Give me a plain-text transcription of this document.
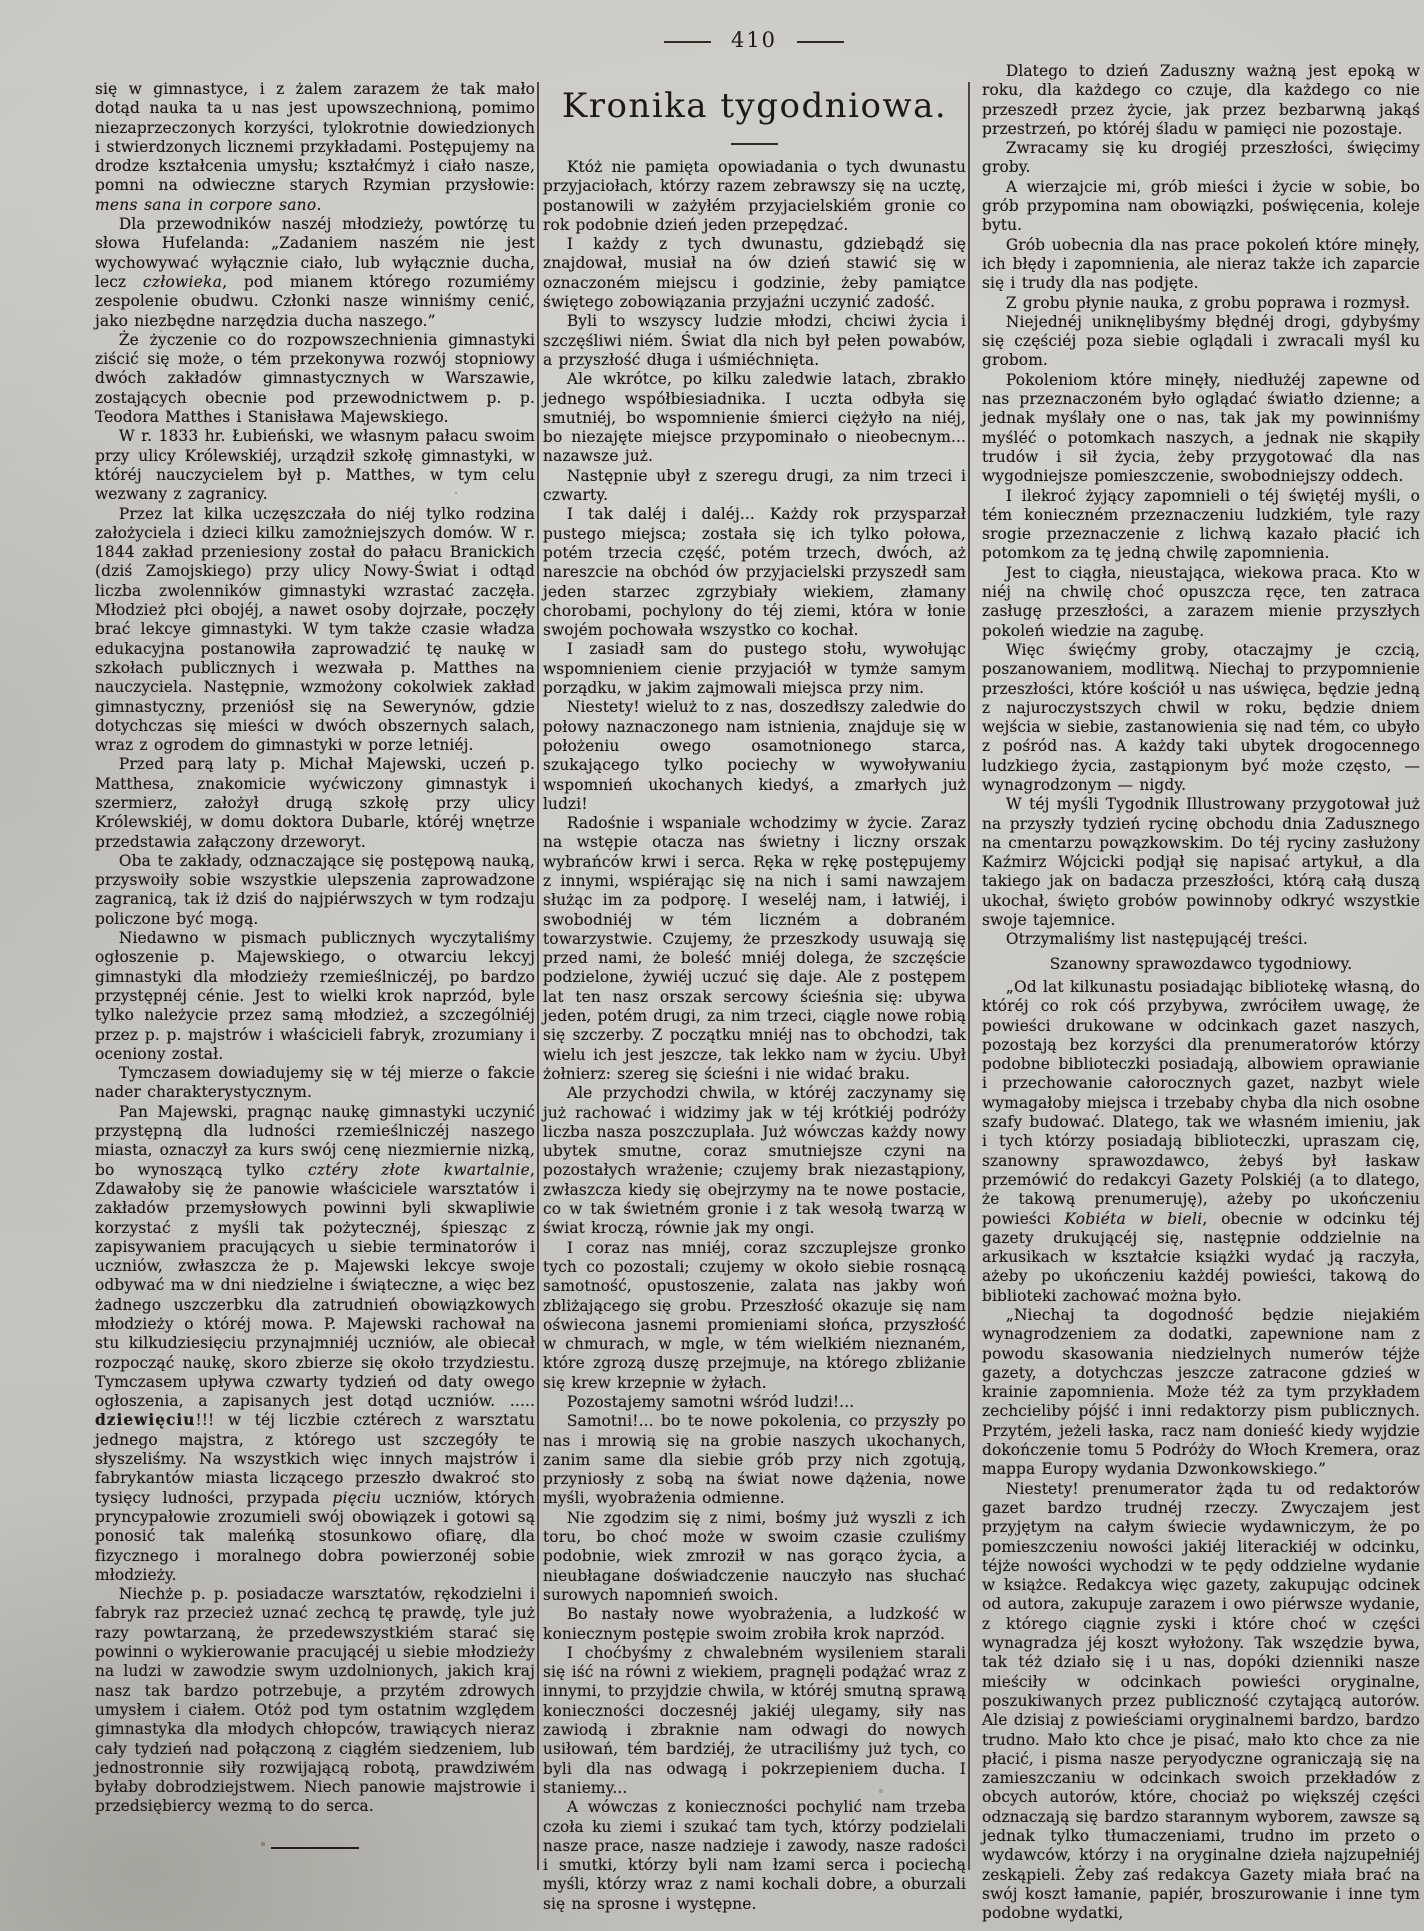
410

się w gimnastyce, i z żalem zarazem że tak mało dotąd nauka ta u nas jest upowszechnioną, pomimo niezaprzeczonych korzyści, tylokrotnie dowiedzionych i stwierdzonych licznemi przykładami. Postępujemy na drodze kształcenia umysłu; kształćmyż i ciało nasze, pomni na odwieczne starych Rzymian przysłowie: mens sana in corpore sano.

Dla przewodników naszéj młodzieży, powtórzę tu słowa Hufelanda: „Zadaniem naszém nie jest wychowywać wyłącznie ciało, lub wyłącznie ducha, lecz człowieka, pod mianem którego rozumiémy zespolenie obudwu. Członki nasze winniśmy cenić, jako niezbędne narzędzia ducha naszego.”

Że życzenie co do rozpowszechnienia gimnastyki ziścić się może, o tém przekonywa rozwój stopniowy dwóch zakładów gimnastycznych w Warszawie, zostających obecnie pod przewodnictwem p. p. Teodora Matthes i Stanisława Majewskiego.

W r. 1833 hr. Łubieński, we własnym pałacu swoim przy ulicy Królewskiéj, urządził szkołę gimnastyki, w któréj nauczycielem był p. Matthes, w tym celu wezwany z zagranicy.

Przez lat kilka uczęszczała do niéj tylko rodzina założyciela i dzieci kilku zamożniejszych domów. W r. 1844 zakład przeniesiony został do pałacu Branickich (dziś Zamojskiego) przy ulicy Nowy-Świat i odtąd liczba zwolenników gimnastyki wzrastać zaczęła. Młodzież płci obojéj, a nawet osoby dojrzałe, poczęły brać lekcye gimnastyki. W tym także czasie władza edukacyjna postanowiła zaprowadzić tę naukę w szkołach publicznych i wezwała p. Matthes na nauczyciela. Następnie, wzmożony cokolwiek zakład gimnastyczny, przeniósł się na Sewerynów, gdzie dotychczas się mieści w dwóch obszernych salach, wraz z ogrodem do gimnastyki w porze letniéj.

Przed parą laty p. Michał Majewski, uczeń p. Matthesa, znakomicie wyćwiczony gimnastyk i szermierz, założył drugą szkołę przy ulicy Królewskiéj, w domu doktora Dubarle, któréj wnętrze przedstawia załączony drzeworyt.

Oba te zakłady, odznaczające się postępową nauką, przyswoiły sobie wszystkie ulepszenia zaprowadzone zagranicą, tak iż dziś do najpiérwszych w tym rodzaju policzone być mogą.

Niedawno w pismach publicznych wyczytaliśmy ogłoszenie p. Majewskiego, o otwarciu lekcyj gimnastyki dla młodzieży rzemieślniczéj, po bardzo przystępnéj cénie. Jest to wielki krok naprzód, byle tylko należycie przez samą młodzież, a szczególniéj przez p. p. majstrów i właścicieli fabryk, zrozumiany i oceniony został.

Tymczasem dowiadujemy się w téj mierze o fakcie nader charakterystycznym.

Pan Majewski, pragnąc naukę gimnastyki uczynić przystępną dla ludności rzemieślniczéj naszego miasta, oznaczył za kurs swój cenę niezmiernie nizką, bo wynoszącą tylko cztéry złote kwartalnie, Zdawałoby się że panowie właściciele warsztatów i zakładów przemysłowych powinni byli skwapliwie korzystać z myśli tak pożytecznéj, śpiesząc z zapisywaniem pracujących u siebie terminatorów i uczniów, zwłaszcza że p. Majewski lekcye swoje odbywać ma w dni niedzielne i świąteczne, a więc bez żadnego uszczerbku dla zatrudnień obowiązkowych młodzieży o któréj mowa. P. Majewski rachował na stu kilkudziesięciu przynajmniéj uczniów, ale obiecał rozpocząć naukę, skoro zbierze się około trzydziestu. Tymczasem upływa czwarty tydzień od daty owego ogłoszenia, a zapisanych jest dotąd uczniów. ..... dziewięciu!!! w téj liczbie cztérech z warsztatu jednego majstra, z którego ust szczegóły te słyszeliśmy. Na wszystkich więc innych majstrów i fabrykantów miasta liczącego przeszło dwakroć sto tysięcy ludności, przypada pięciu uczniów, których pryncypałowie zrozumieli swój obowiązek i gotowi są ponosić tak maleńką stosunkowo ofiarę, dla fizycznego i moralnego dobra powierzonéj sobie młodzieży.

Niechże p. p. posiadacze warsztatów, rękodzielni i fabryk raz przecież uznać zechcą tę prawdę, tyle już razy powtarzaną, że przedewszystkiém starać się powinni o wykierowanie pracującéj u siebie młodzieży na ludzi w zawodzie swym uzdolnionych, jakich kraj nasz tak bardzo potrzebuje, a przytém zdrowych umysłem i ciałem. Otóż pod tym ostatnim względem gimnastyka dla młodych chłopców, trawiących nieraz cały tydzień nad połączoną z ciągłém siedzeniem, lub jednostronnie siły rozwijającą robotą, prawdziwém byłaby dobrodziejstwem. Niech panowie majstrowie i przedsiębiercy wezmą to do serca.

Kronika tygodniowa.

Któż nie pamięta opowiadania o tych dwunastu przyjaciołach, którzy razem zebrawszy się na ucztę, postanowili w zażyłém przyjacielskiém gronie co rok podobnie dzień jeden przepędzać.

I każdy z tych dwunastu, gdziebądź się znajdował, musiał na ów dzień stawić się w oznaczoném miejscu i godzinie, żeby pamiątce świętego zobowiązania przyjaźni uczynić zadość.

Byli to wszyscy ludzie młodzi, chciwi życia i szczęśliwi niém. Świat dla nich był pełen powabów, a przyszłość długa i uśmiéchnięta.

Ale wkrótce, po kilku zaledwie latach, zbrakło jednego współbiesiadnika. I uczta odbyła się smutniéj, bo wspomnienie śmierci ciężyło na niéj, bo niezajęte miejsce przypominało o nieobecnym... nazawsze już.

Następnie ubył z szeregu drugi, za nim trzeci i czwarty.

I tak daléj i daléj... Każdy rok przysparzał pustego miejsca; została się ich tylko połowa, potém trzecia część, potém trzech, dwóch, aż nareszcie na obchód ów przyjacielski przyszedł sam jeden starzec zgrzybiały wiekiem, złamany chorobami, pochylony do téj ziemi, która w łonie swojém pochowała wszystko co kochał.

I zasiadł sam do pustego stołu, wywołując wspomnieniem cienie przyjaciół w tymże samym porządku, w jakim zajmowali miejsca przy nim.

Niestety! wieluż to z nas, doszedłszy zaledwie do połowy naznaczonego nam istnienia, znajduje się w położeniu owego osamotnionego starca, szukającego tylko pociechy w wywoływaniu wspomnień ukochanych kiedyś, a zmarłych już ludzi!

Radośnie i wspaniale wchodzimy w życie. Zaraz na wstępie otacza nas świetny i liczny orszak wybrańców krwi i serca. Ręka w rękę postępujemy z innymi, wspiérając się na nich i sami nawzajem służąc im za podporę. I weseléj nam, i łatwiéj, i swobodniéj w tém liczném a dobraném towarzystwie. Czujemy, że przeszkody usuwają się przed nami, że boleść mniéj dolega, że szczęście podzielone, żywiéj uczuć się daje. Ale z postępem lat ten nasz orszak sercowy ścieśnia się: ubywa jeden, potém drugi, za nim trzeci, ciągle nowe robią się szczerby. Z początku mniéj nas to obchodzi, tak wielu ich jest jeszcze, tak lekko nam w życiu. Ubył żołnierz: szereg się ścieśni i nie widać braku.

Ale przychodzi chwila, w któréj zaczynamy się już rachować i widzimy jak w téj krótkiéj podróży liczba nasza poszczuplała. Już wówczas każdy nowy ubytek smutne, coraz smutniejsze czyni na pozostałych wrażenie; czujemy brak niezastąpiony, zwłaszcza kiedy się obejrzymy na te nowe postacie, co w tak świetném gronie i z tak wesołą twarzą w świat kroczą, równie jak my ongi.

I coraz nas mniéj, coraz szczuplejsze gronko tych co pozostali; czujemy w około siebie rosnącą samotność, opustoszenie, zalata nas jakby woń zbliżającego się grobu. Przeszłość okazuje się nam oświecona jasnemi promieniami słońca, przyszłość w chmurach, w mgle, w tém wielkiém nieznaném, które zgrozą duszę przejmuje, na którego zbliżanie się krew krzepnie w żyłach.

Pozostajemy samotni wśród ludzi!...

Samotni!... bo te nowe pokolenia, co przyszły po nas i mrowią się na grobie naszych ukochanych, zanim same dla siebie grób przy nich zgotują, przyniosły z sobą na świat nowe dążenia, nowe myśli, wyobrażenia odmienne.

Nie zgodzim się z nimi, bośmy już wyszli z ich toru, bo choć może w swoim czasie czuliśmy podobnie, wiek zmroził w nas gorąco życia, a nieubłagane doświadczenie nauczyło nas słuchać surowych napomnień swoich.

Bo nastały nowe wyobrażenia, a ludzkość w koniecznym postępie swoim zrobiła krok naprzód.

I choćbyśmy z chwalebném wysileniem starali się iść na równi z wiekiem, pragnęli podążać wraz z innymi, to przyjdzie chwila, w któréj smutną sprawą konieczności doczesnéj jakiéj ulegamy, siły nas zawiodą i zbraknie nam odwagi do nowych usiłowań, tém bardziéj, że utraciliśmy już tych, co byli dla nas odwagą i pokrzepieniem ducha. I staniemy...

A wówczas z konieczności pochylić nam trzeba czoła ku ziemi i szukać tam tych, którzy podzielali nasze prace, nasze nadzieje i zawody, nasze radości i smutki, którzy byli nam łzami serca i pociechą myśli, którzy wraz z nami kochali dobre, a oburzali się na sprosne i występne.

Dlatego to dzień Zaduszny ważną jest epoką w roku, dla każdego co czuje, dla każdego co nie przeszedł przez życie, jak przez bezbarwną jakąś przestrzeń, po któréj śladu w pamięci nie pozostaje.

Zwracamy się ku drogiéj przeszłości, święcimy groby.

A wierzajcie mi, grób mieści i życie w sobie, bo grób przypomina nam obowiązki, poświęcenia, koleje bytu.

Grób uobecnia dla nas prace pokoleń które minęły, ich błędy i zapomnienia, ale nieraz także ich zaparcie się i trudy dla nas podjęte.

Z grobu płynie nauka, z grobu poprawa i rozmysł.

Niejednéj uniknęlibyśmy błędnéj drogi, gdybyśmy się częściéj poza siebie oglądali i zwracali myśl ku grobom.

Pokoleniom które minęły, niedłużéj zapewne od nas przeznaczoném było oglądać światło dzienne; a jednak myślały one o nas, tak jak my powinniśmy myśléć o potomkach naszych, a jednak nie skąpiły trudów i sił życia, żeby przygotować dla nas wygodniejsze pomieszczenie, swobodniejszy oddech.

I ilekroć żyjący zapomnieli o téj świętéj myśli, o tém konieczném przeznaczeniu ludzkiém, tyle razy srogie przeznaczenie z lichwą kazało płacić ich potomkom za tę jedną chwilę zapomnienia.

Jest to ciągła, nieustająca, wiekowa praca. Kto w niéj na chwilę choć opuszcza ręce, ten zatraca zasługę przeszłości, a zarazem mienie przyszłych pokoleń wiedzie na zagubę.

Więc święćmy groby, otaczajmy je czcią, poszanowaniem, modlitwą. Niechaj to przypomnienie przeszłości, które kościół u nas uświęca, będzie jedną z najuroczystszych chwil w roku, będzie dniem wejścia w siebie, zastanowienia się nad tém, co ubyło z pośród nas. A każdy taki ubytek drogocennego ludzkiego życia, zastąpionym być może często, — wynagrodzonym — nigdy.

W téj myśli Tygodnik Illustrowany przygotował już na przyszły tydzień rycinę obchodu dnia Zadusznego na cmentarzu powązkowskim. Do téj ryciny zasłużony Kaźmirz Wójcicki podjął się napisać artykuł, a dla takiego jak on badacza przeszłości, którą całą duszą ukochał, święto grobów powinnoby odkryć wszystkie swoje tajemnice.

Otrzymaliśmy list następującéj treści.

Szanowny sprawozdawco tygodniowy.

„Od lat kilkunastu posiadając bibliotekę własną, do któréj co rok cóś przybywa, zwróciłem uwagę, że powieści drukowane w odcinkach gazet naszych, pozostają bez korzyści dla prenumeratorów którzy podobne biblioteczki posiadają, albowiem oprawianie i przechowanie całorocznych gazet, nazbyt wiele wymagałoby miejsca i trzebaby chyba dla nich osobne szafy budować. Dlatego, tak we własném imieniu, jak i tych którzy posiadają biblioteczki, upraszam cię, szanowny sprawozdawco, żebyś był łaskaw przemówić do redakcyi Gazety Polskiéj (a to dlatego, że takową prenumeruję), ażeby po ukończeniu powieści Kobiéta w bieli, obecnie w odcinku téj gazety drukującéj się, następnie oddzielnie na arkusikach w kształcie książki wydać ją raczyła, ażeby po ukończeniu każdéj powieści, takową do biblioteki zachować można było.

„Niechaj ta dogodność będzie niejakiém wynagrodzeniem za dodatki, zapewnione nam z powodu skasowania niedzielnych numerów téjże gazety, a dotychczas jeszcze zatracone gdzieś w krainie zapomnienia. Może téż za tym przykładem zechcieliby pójść i inni redaktorzy pism publicznych. Przytém, jeżeli łaska, racz nam donieść kiedy wyjdzie dokończenie tomu 5 Podróży do Włoch Kremera, oraz mappa Europy wydania Dzwonkowskiego.”

Niestety! prenumerator żąda tu od redaktorów gazet bardzo trudnéj rzeczy. Zwyczajem jest przyjętym na całym świecie wydawniczym, że po pomieszczeniu nowości jakiéj literackiéj w odcinku, téjże nowości wychodzi w te pędy oddzielne wydanie w książce. Redakcya więc gazety, zakupując odcinek od autora, zakupuje zarazem i owo piérwsze wydanie, z którego ciągnie zyski i które choć w części wynagradza jéj koszt wyłożony. Tak wszędzie bywa, tak téż działo się i u nas, dopóki dzienniki nasze mieściły w odcinkach powieści oryginalne, poszukiwanych przez publiczność czytającą autorów. Ale dzisiaj z powieściami oryginalnemi bardzo, bardzo trudno. Mało kto chce je pisać, mało kto chce za nie płacić, i pisma nasze peryodyczne ograniczają się na zamieszczaniu w odcinkach swoich przekładów z obcych autorów, które, chociaż po większéj części odznaczają się bardzo starannym wyborem, zawsze są jednak tylko tłumaczeniami, trudno im przeto o wydawców, którzy i na oryginalne dzieła najzupełniéj zeskąpieli. Żeby zaś redakcya Gazety miała brać na swój koszt łamanie, papiér, broszurowanie i inne tym podobne wydatki,
